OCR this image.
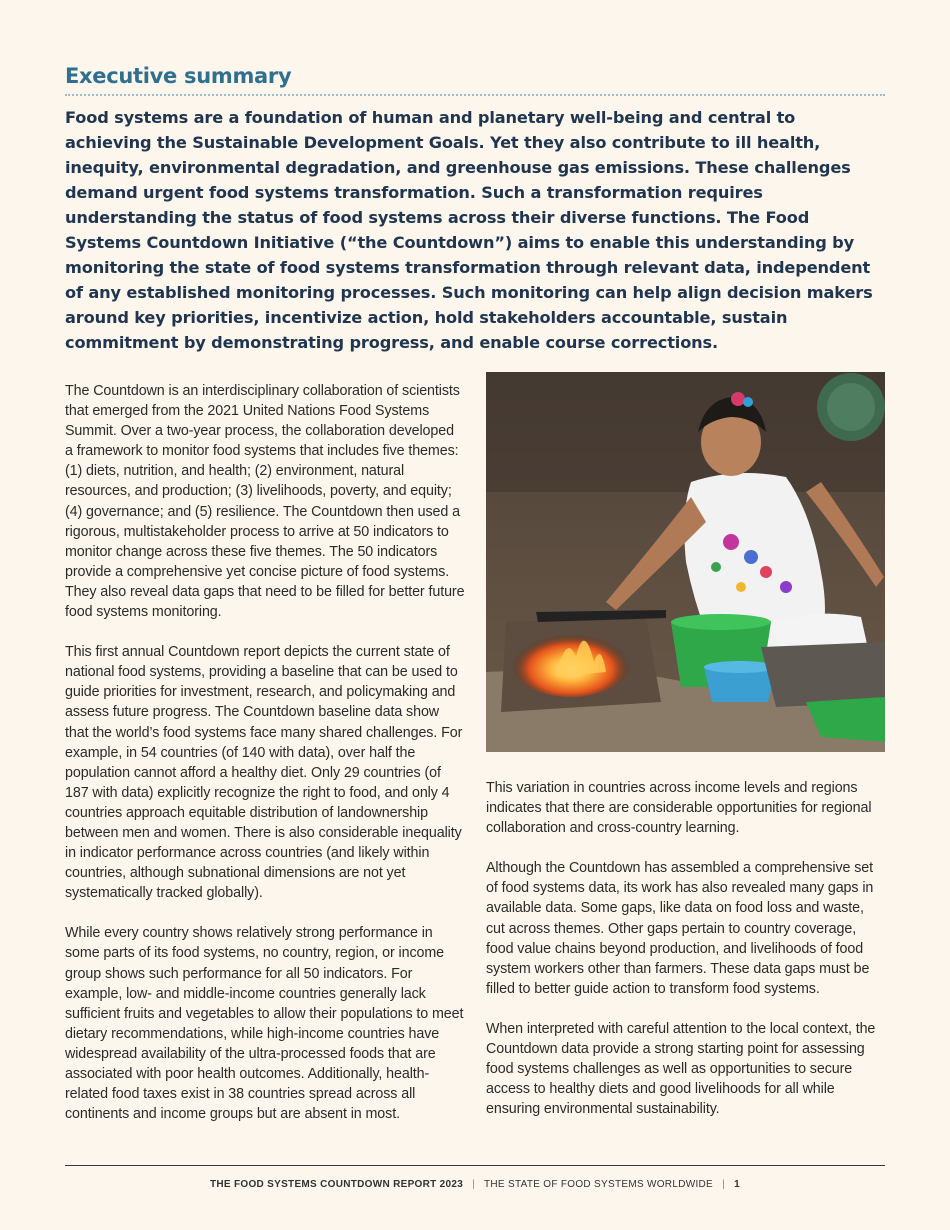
Executive summary

Food systems are a foundation of human and planetary well-being and central to achieving the Sustainable Development Goals. Yet they also contribute to ill health, inequity, environmental degradation, and greenhouse gas emissions. These challenges demand urgent food systems transformation. Such a transformation requires understanding the status of food systems across their diverse functions. The Food Systems Countdown Initiative (“the Countdown”) aims to enable this understanding by monitoring the state of food systems transformation through relevant data, independent of any established monitoring processes. Such monitoring can help align decision makers around key priorities, incentivize action, hold stakeholders accountable, sustain commitment by demonstrating progress, and enable course corrections.

The Countdown is an interdisciplinary collaboration of scientists that emerged from the 2021 United Nations Food Systems Summit. Over a two-year process, the collaboration developed a framework to monitor food systems that includes five themes: (1) diets, nutrition, and health; (2) environment, natural resources, and production; (3) livelihoods, poverty, and equity; (4) governance; and (5) resilience. The Countdown then used a rigorous, multistakeholder process to arrive at 50 indicators to monitor change across these five themes. The 50 indicators provide a comprehensive yet concise picture of food systems. They also reveal data gaps that need to be filled for better future food systems monitoring.

This first annual Countdown report depicts the current state of national food systems, providing a baseline that can be used to guide priorities for investment, research, and policymaking and assess future progress. The Countdown baseline data show that the world’s food systems face many shared challenges. For example, in 54 countries (of 140 with data), over half the population cannot afford a healthy diet. Only 29 countries (of 187 with data) explicitly recognize the right to food, and only 4 countries approach equitable distribution of landownership between men and women. There is also considerable inequality in indicator performance across countries (and likely within countries, although subnational dimensions are not yet systematically tracked globally).

While every country shows relatively strong performance in some parts of its food systems, no country, region, or income group shows such performance for all 50 indicators. For example, low- and middle-income countries generally lack sufficient fruits and vegetables to allow their populations to meet dietary recommendations, while high-income countries have widespread availability of the ultra-processed foods that are associated with poor health outcomes. Additionally, health-related food taxes exist in 38 countries spread across all continents and income groups but are absent in most.

This variation in countries across income levels and regions indicates that there are considerable opportunities for regional collaboration and cross-country learning.

Although the Countdown has assembled a comprehensive set of food systems data, its work has also revealed many gaps in available data. Some gaps, like data on food loss and waste, cut across themes. Other gaps pertain to country coverage, food value chains beyond production, and livelihoods of food system workers other than farmers. These data gaps must be filled to better guide action to transform food systems.

When interpreted with careful attention to the local context, the Countdown data provide a strong starting point for assessing food systems challenges as well as opportunities to secure access to healthy diets and good livelihoods for all while ensuring environmental sustainability.

THE FOOD SYSTEMS COUNTDOWN REPORT 2023 | THE STATE OF FOOD SYSTEMS WORLDWIDE | 1
